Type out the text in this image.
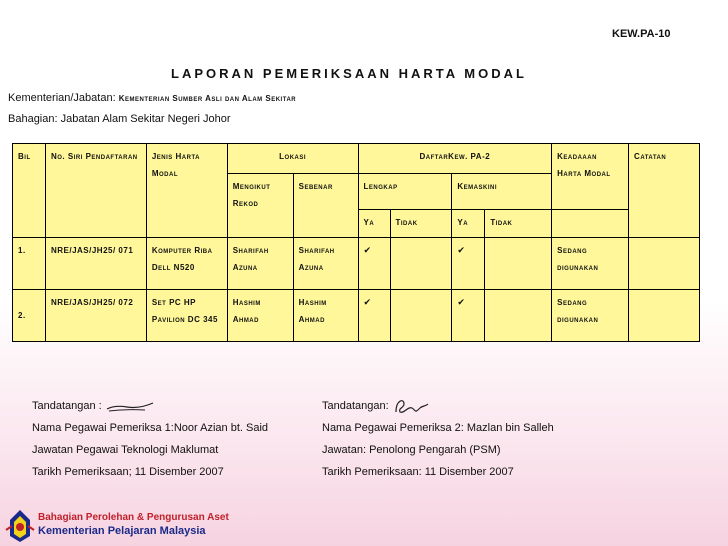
KEW.PA-10
LAPORAN PEMERIKSAAN HARTA MODAL
Kementerian/Jabatan: Kementerian Sumber Asli dan Alam Sekitar
Bahagian: Jabatan Alam Sekitar Negeri Johor
Bil	No. Siri Pendaftaran	Jenis Harta Modal	Lokasi		DaftarKew. PA-2				Keadaaan Harta Modal	Catatan
			Mengikut Rekod	Sebenar	Lengkap		Kemaskini			
					Ya	Tidak	Ya	Tidak		
1.	NRE/JAS/JH25/ 071	Komputer Riba Dell N520	Sharifah Azuna	Sharifah Azuna	✔		✔		Sedang digunakan	
2.	NRE/JAS/JH25/ 072	Set PC HP Pavilion DC 345	Hashim Ahmad	Hashim Ahmad	✔		✔		Sedang digunakan	
Tandatangan :
Nama Pegawai Pemeriksa 1:Noor Azian bt. Said
Jawatan Pegawai Teknologi Maklumat
Tarikh Pemeriksaan; 11 Disember 2007
Tandatangan:
Nama Pegawai Pemeriksa 2: Mazlan bin Salleh
Jawatan: Penolong Pengarah (PSM)
Tarikh Pemeriksaan: 11 Disember 2007
Bahagian Perolehan & Pengurusan Aset
Kementerian Pelajaran Malaysia
